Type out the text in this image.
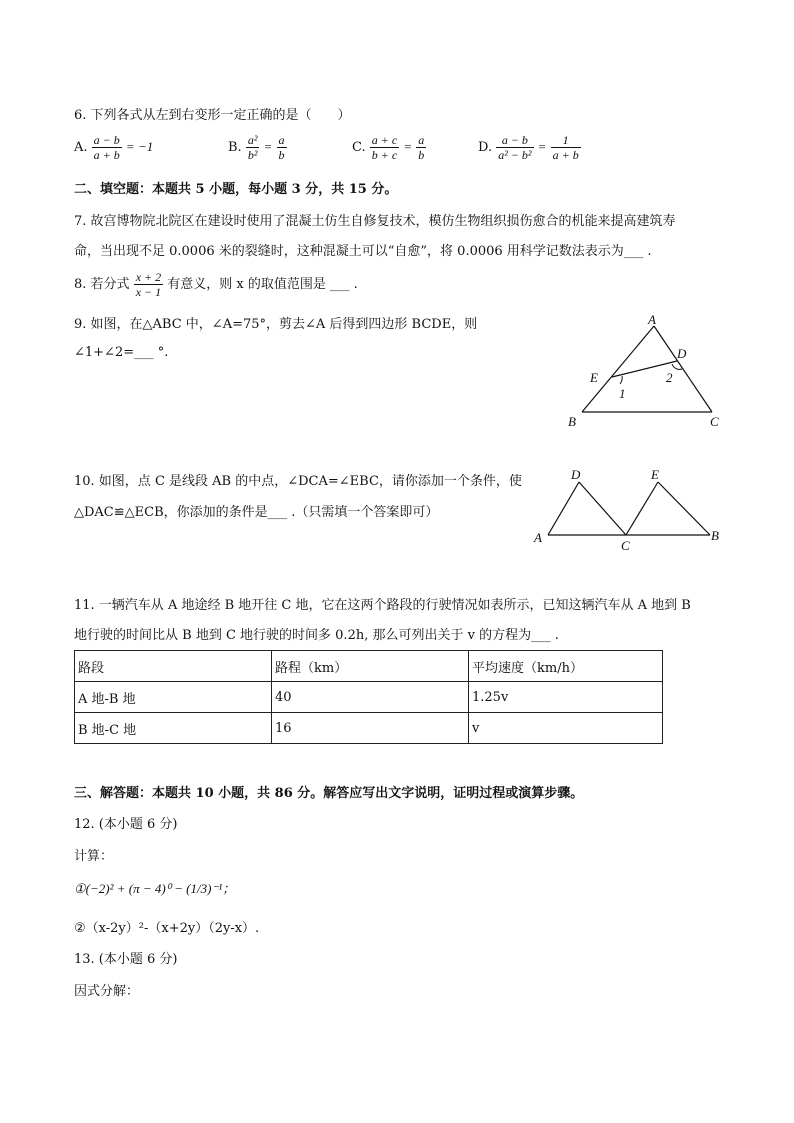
6. 下列各式从左到右变形一定正确的是（　　）
A. $\frac{a - b}{a + b} = -1$	B. $\frac{\text{a²}}{\text{b²}} = \frac{a}{b}$	C. $\frac{a + c}{b + c} = \frac{a}{b}$	D. $\frac{a - b}{\text{a² − b²}} = \frac{1}{a + b}$
二、填空题：本题共 5 小题，每小题 3 分，共 15 分。
7. 故宫博物院北院区在建设时使用了混凝土仿生自修复技术，模仿生物组织损伤愈合的机能来提高建筑寿
命，当出现不足 0.0006 米的裂缝时，这种混凝土可以“自愈”，将 0.0006 用科学记数法表示为___ .
8. 若分式 $\frac{x + 2}{x - 1}$ 有意义，则 x 的取值范围是 ___ .
9. 如图，在△ABC 中，∠A=75°，剪去∠A 后得到四边形 BCDE，则
∠1+∠2=___ °.
A
B	C
D
E
1
2
10. 如图，点 C 是线段 AB 的中点，∠DCA=∠EBC，请你添加一个条件，使
△DAC≌△ECB，你添加的条件是___ .（只需填一个答案即可）
D	E
A
C
B
11. 一辆汽车从 A 地途经 B 地开往 C 地，它在这两个路段的行驶情况如表所示，已知这辆汽车从 A 地到 B
地行驶的时间比从 B 地到 C 地行驶的时间多 0.2h, 那么可列出关于 v 的方程为___ .
路段	路程（km）	平均速度（km/h）
A 地-B 地	40	1.25v
B 地-C 地	16	v
三、解答题：本题共 10 小题，共 86 分。解答应写出文字说明，证明过程或演算步骤。
12. (本小题 6 分)
计算：
①(−2)² + (π − 4)⁰ − (1/3)⁻¹；
②（x-2y）²-（x+2y）（2y-x）.
13. (本小题 6 分)
因式分解：
